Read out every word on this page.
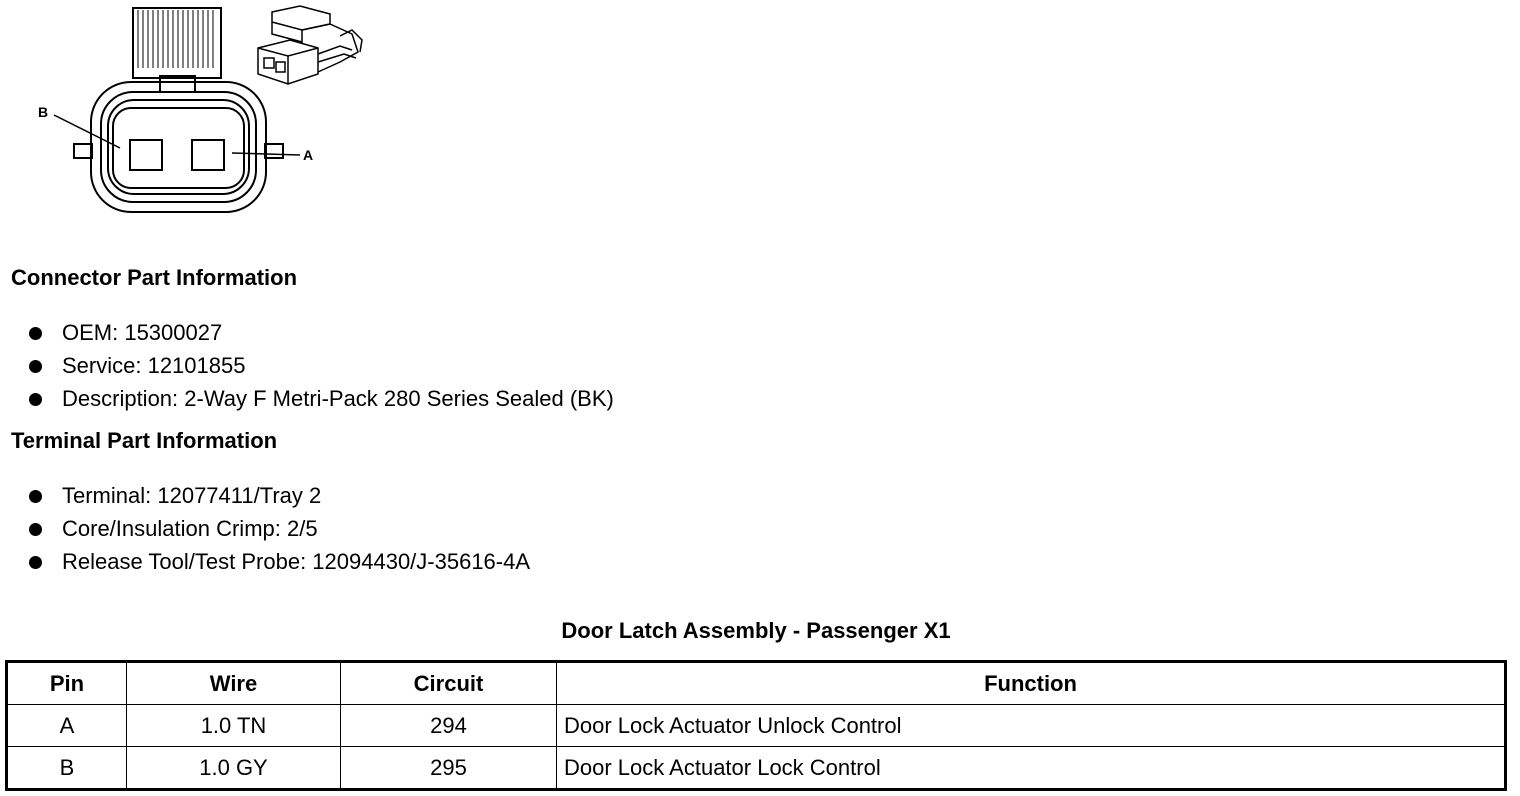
B
A
Connector Part Information
OEM: 15300027
Service: 12101855
Description: 2-Way F Metri-Pack 280 Series Sealed (BK)
Terminal Part Information
Terminal: 12077411/Tray 2
Core/Insulation Crimp: 2/5
Release Tool/Test Probe: 12094430/J-35616-4A
Door Latch Assembly - Passenger X1
Pin	Wire	Circuit	Function
A	1.0 TN	294	Door Lock Actuator Unlock Control
B	1.0 GY	295	Door Lock Actuator Lock Control
